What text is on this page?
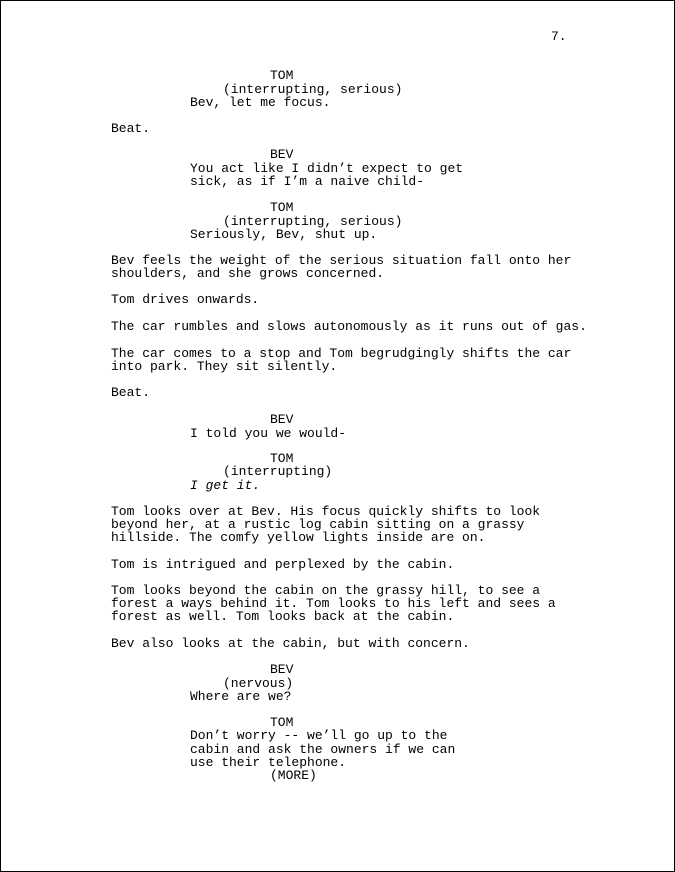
7.
TOM
(interrupting, serious)
Bev, let me focus.
Beat.
BEV
You act like I didn’t expect to get
sick, as if I’m a naive child-
TOM
(interrupting, serious)
Seriously, Bev, shut up.
Bev feels the weight of the serious situation fall onto her
shoulders, and she grows concerned.
Tom drives onwards.
The car rumbles and slows autonomously as it runs out of gas.
The car comes to a stop and Tom begrudgingly shifts the car
into park. They sit silently.
Beat.
BEV
I told you we would-
TOM
(interrupting)
I get it.
Tom looks over at Bev. His focus quickly shifts to look
beyond her, at a rustic log cabin sitting on a grassy
hillside. The comfy yellow lights inside are on.
Tom is intrigued and perplexed by the cabin.
Tom looks beyond the cabin on the grassy hill, to see a
forest a ways behind it. Tom looks to his left and sees a
forest as well. Tom looks back at the cabin.
Bev also looks at the cabin, but with concern.
BEV
(nervous)
Where are we?
TOM
Don’t worry -- we’ll go up to the
cabin and ask the owners if we can
use their telephone.
(MORE)
